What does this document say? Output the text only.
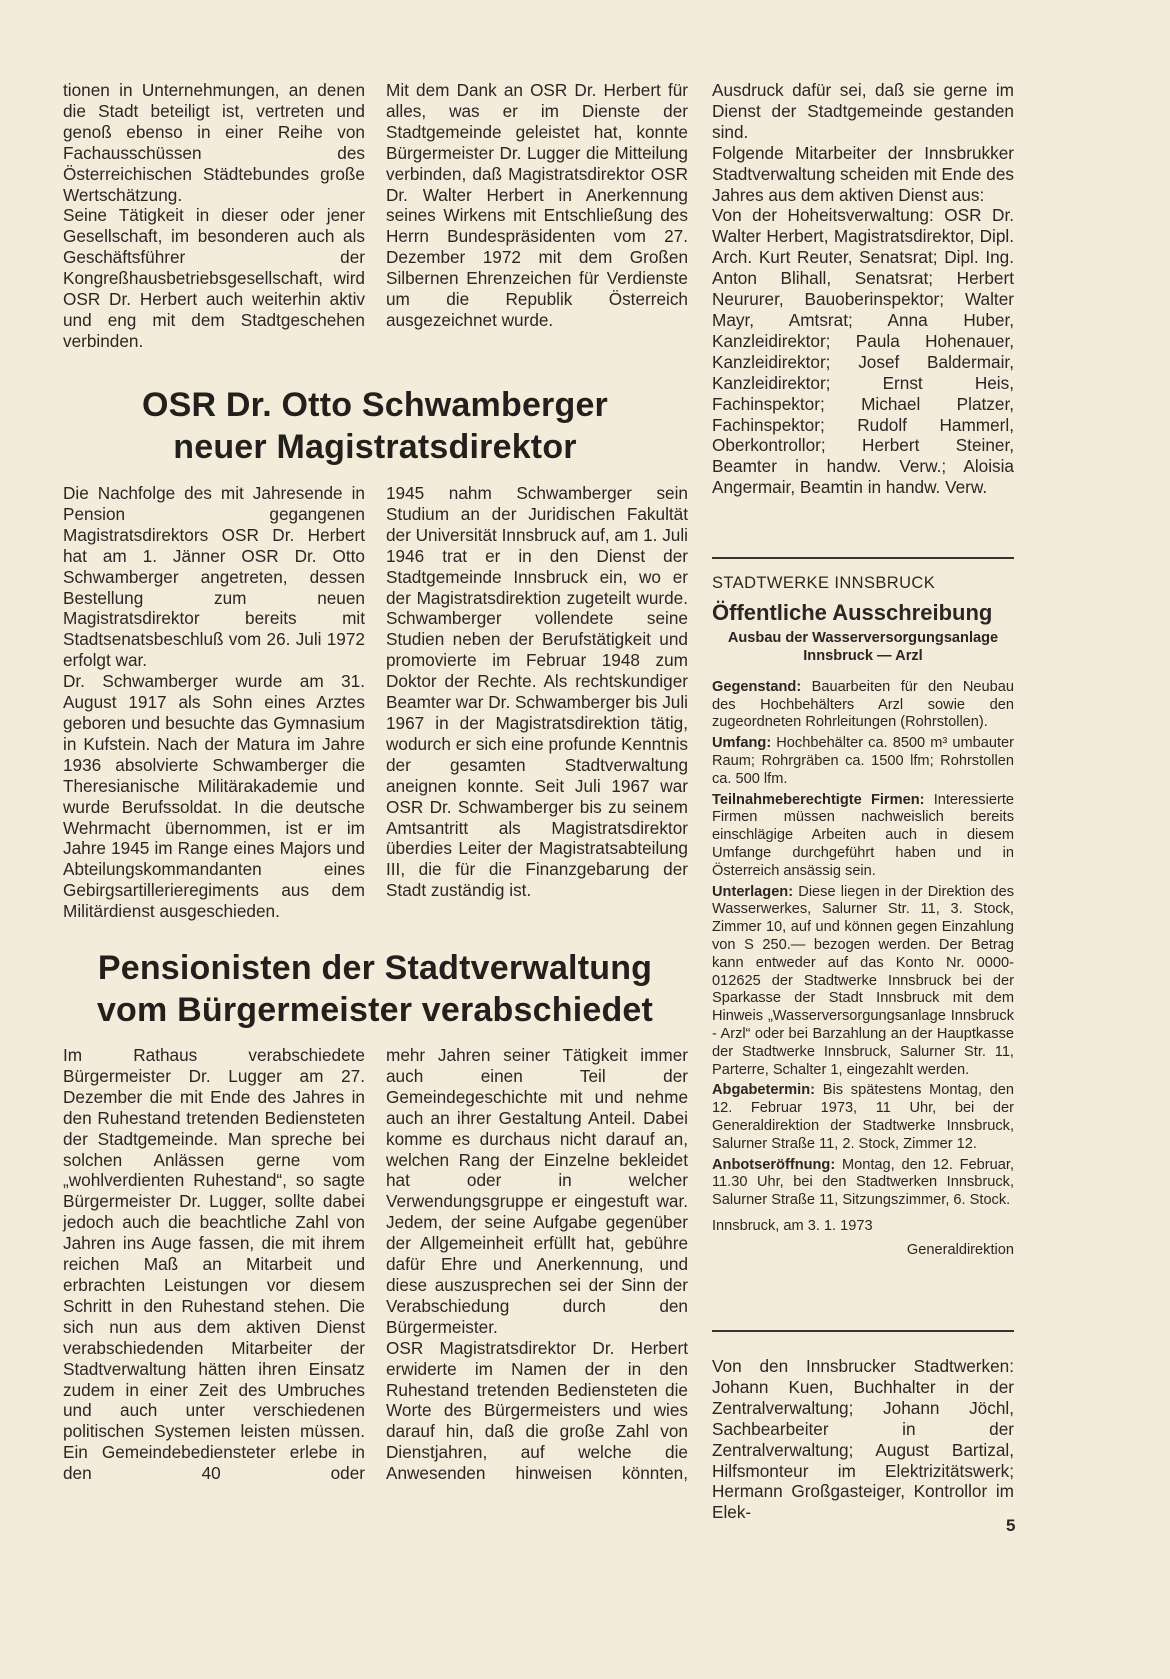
tionen in Unternehmungen, an denen die Stadt beteiligt ist, vertreten und genoß ebenso in einer Reihe von Fachausschüssen des Österreichischen Städtebundes große Wertschätzung.

Seine Tätigkeit in dieser oder jener Gesellschaft, im besonderen auch als Geschäftsführer der Kongreßhausbetriebsgesellschaft, wird OSR Dr. Herbert auch weiterhin aktiv und eng mit dem Stadtgeschehen verbinden.

Mit dem Dank an OSR Dr. Herbert für alles, was er im Dienste der Stadtgemeinde geleistet hat, konnte Bürgermeister Dr. Lugger die Mitteilung verbinden, daß Magistratsdirektor OSR Dr. Walter Herbert in Anerkennung seines Wirkens mit Entschließung des Herrn Bundespräsidenten vom 27. Dezember 1972 mit dem Großen Silbernen Ehrenzeichen für Verdienste um die Republik Österreich ausgezeichnet wurde.

Ausdruck dafür sei, daß sie gerne im Dienst der Stadtgemeinde gestanden sind.

Folgende Mitarbeiter der Innsbrukker Stadtverwaltung scheiden mit Ende des Jahres aus dem aktiven Dienst aus:

Von der Hoheitsverwaltung: OSR Dr. Walter Herbert, Magistratsdirektor, Dipl. Arch. Kurt Reuter, Senatsrat; Dipl. Ing. Anton Blihall, Senatsrat; Herbert Neururer, Bauoberinspektor; Walter Mayr, Amtsrat; Anna Huber, Kanzleidirektor; Paula Hohenauer, Kanzleidirektor; Josef Baldermair, Kanzleidirektor; Ernst Heis, Fachinspektor; Michael Platzer, Fachinspektor; Rudolf Hammerl, Oberkontrollor; Herbert Steiner, Beamter in handw. Verw.; Aloisia Angermair, Beamtin in handw. Verw.

OSR Dr. Otto Schwamberger
neuer Magistratsdirektor

Die Nachfolge des mit Jahresende in Pension gegangenen Magistratsdirektors OSR Dr. Herbert hat am 1. Jänner OSR Dr. Otto Schwamberger angetreten, dessen Bestellung zum neuen Magistratsdirektor bereits mit Stadtsenatsbeschluß vom 26. Juli 1972 erfolgt war.

Dr. Schwamberger wurde am 31. August 1917 als Sohn eines Arztes geboren und besuchte das Gymnasium in Kufstein. Nach der Matura im Jahre 1936 absolvierte Schwamberger die Theresianische Militärakademie und wurde Berufssoldat. In die deutsche Wehrmacht übernommen, ist er im Jahre 1945 im Range eines Majors und Abteilungskommandanten eines Gebirgsartillerieregiments aus dem Militärdienst ausgeschieden.

1945 nahm Schwamberger sein Studium an der Juridischen Fakultät der Universität Innsbruck auf, am 1. Juli 1946 trat er in den Dienst der Stadtgemeinde Innsbruck ein, wo er der Magistratsdirektion zugeteilt wurde. Schwamberger vollendete seine Studien neben der Berufstätigkeit und promovierte im Februar 1948 zum Doktor der Rechte. Als rechtskundiger Beamter war Dr. Schwamberger bis Juli 1967 in der Magistratsdirektion tätig, wodurch er sich eine profunde Kenntnis der gesamten Stadtverwaltung aneignen konnte. Seit Juli 1967 war OSR Dr. Schwamberger bis zu seinem Amtsantritt als Magistratsdirektor überdies Leiter der Magistratsabteilung III, die für die Finanzgebarung der Stadt zuständig ist.

Pensionisten der Stadtverwaltung
vom Bürgermeister verabschiedet

Im Rathaus verabschiedete Bürgermeister Dr. Lugger am 27. Dezember die mit Ende des Jahres in den Ruhestand tretenden Bediensteten der Stadtgemeinde. Man spreche bei solchen Anlässen gerne vom „wohlverdienten Ruhestand“, so sagte Bürgermeister Dr. Lugger, sollte dabei jedoch auch die beachtliche Zahl von Jahren ins Auge fassen, die mit ihrem reichen Maß an Mitarbeit und erbrachten Leistungen vor diesem Schritt in den Ruhestand stehen. Die sich nun aus dem aktiven Dienst verabschiedenden Mitarbeiter der Stadtverwaltung hätten ihren Einsatz zudem in einer Zeit des Umbruches und auch unter verschiedenen politischen Systemen leisten müssen. Ein Gemeindebediensteter erlebe in den 40 oder

mehr Jahren seiner Tätigkeit immer auch einen Teil der Gemeindegeschichte mit und nehme auch an ihrer Gestaltung Anteil. Dabei komme es durchaus nicht darauf an, welchen Rang der Einzelne bekleidet hat oder in welcher Verwendungsgruppe er eingestuft war. Jedem, der seine Aufgabe gegenüber der Allgemeinheit erfüllt hat, gebühre dafür Ehre und Anerkennung, und diese auszusprechen sei der Sinn der Verabschiedung durch den Bürgermeister.

OSR Magistratsdirektor Dr. Herbert erwiderte im Namen der in den Ruhestand tretenden Bediensteten die Worte des Bürgermeisters und wies darauf hin, daß die große Zahl von Dienstjahren, auf welche die Anwesenden hinweisen könnten,

STADTWERKE INNSBRUCK
Öffentliche Ausschreibung
Ausbau der Wasserversorgungsanlage
Innsbruck — Arzl

Gegenstand: Bauarbeiten für den Neubau des Hochbehälters Arzl sowie den zugeordneten Rohrleitungen (Rohrstollen).

Umfang: Hochbehälter ca. 8500 m³ umbauter Raum; Rohrgräben ca. 1500 lfm; Rohrstollen ca. 500 lfm.

Teilnahmeberechtigte Firmen: Interessierte Firmen müssen nachweislich bereits einschlägige Arbeiten auch in diesem Umfange durchgeführt haben und in Österreich ansässig sein.

Unterlagen: Diese liegen in der Direktion des Wasserwerkes, Salurner Str. 11, 3. Stock, Zimmer 10, auf und können gegen Einzahlung von S 250.— bezogen werden. Der Betrag kann entweder auf das Konto Nr. 0000-012625 der Stadtwerke Innsbruck bei der Sparkasse der Stadt Innsbruck mit dem Hinweis „Wasserversorgungsanlage Innsbruck - Arzl“ oder bei Barzahlung an der Hauptkasse der Stadtwerke Innsbruck, Salurner Str. 11, Parterre, Schalter 1, eingezahlt werden.

Abgabetermin: Bis spätestens Montag, den 12. Februar 1973, 11 Uhr, bei der Generaldirektion der Stadtwerke Innsbruck, Salurner Straße 11, 2. Stock, Zimmer 12.

Anbotseröffnung: Montag, den 12. Februar, 11.30 Uhr, bei den Stadtwerken Innsbruck, Salurner Straße 11, Sitzungszimmer, 6. Stock.

Innsbruck, am 3. 1. 1973
Generaldirektion

Von den Innsbrucker Stadtwerken: Johann Kuen, Buchhalter in der Zentralverwaltung; Johann Jöchl, Sachbearbeiter in der Zentralverwaltung; August Bartizal, Hilfsmonteur im Elektrizitätswerk; Hermann Großgasteiger, Kontrollor im Elek-

5
